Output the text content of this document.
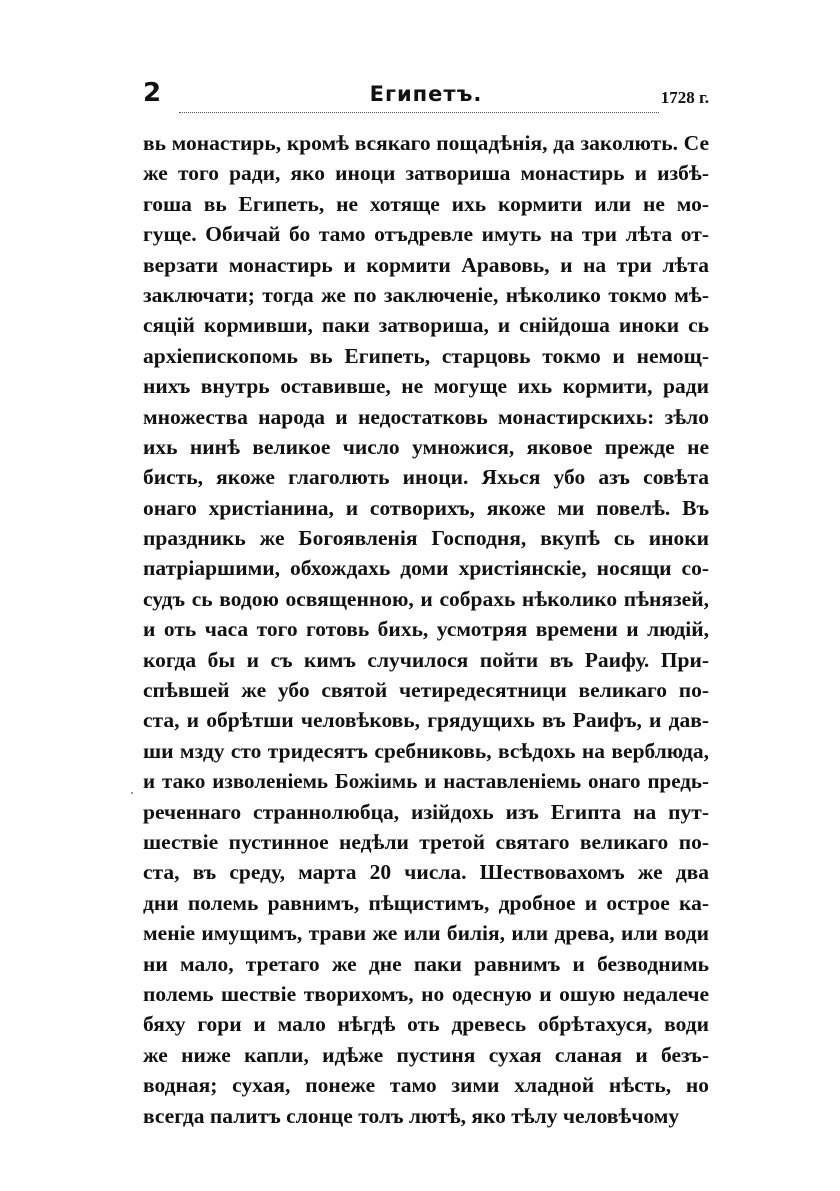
2	Египетъ.	1728 г.
вь монастирь, кромѣ всякаго пощадѣнія, да заколють. Се
же того ради, яко иноци затвориша монастирь и избѣ-
гоша вь Египеть, не хотяще ихь кормити или не мо-
гуще. Обичай бо тамо отъдревле имуть на три лѣта от-
верзати монастирь и кормити Аравовь, и на три лѣта
заключати; тогда же по заключеніе, нѣколико токмо мѣ-
сяцій кормивши, паки затвориша, и снійдоша иноки сь
архіепископомь вь Египеть, старцовь токмо и немощ-
нихъ внутрь оставивше, не могуще ихь кормити, ради
множества народа и недостатковь монастирскихь: зѣло
ихь нинѣ великое число умножися, яковое прежде не
бисть, якоже глаголють иноци. Яхься убо азъ совѣта
онаго христіанина, и сотворихъ, якоже ми повелѣ. Въ
праздникь же Богоявленія Господня, вкупѣ сь иноки
патріаршими, обхождахь доми христіянскіе, носящи со-
судъ сь водою освященною, и собрахь нѣколико пѣнязей,
и оть часа того готовь бихь, усмотряя времени и людій,
когда бы и съ кимъ случилося пойти въ Раифу. При-
спѣвшей же убо святой четиредесятници великаго по-
ста, и обрѣтши человѣковь, грядущихь въ Раифъ, и дав-
ши мзду сто тридесятъ сребниковь, всѣдохь на верблюда,
и тако изволеніемь Божіимь и наставленіемь онаго предь-
реченнаго страннолюбца, изійдохь изъ Египта на пут-
шествіе пустинное недѣли третой святаго великаго по-
ста, въ среду, марта 20 числа. Шествовахомъ же два
дни полемь равнимъ, пѣщистимъ, дробное и острое ка-
меніе имущимъ, трави же или билія, или древа, или води
ни мало, третаго же дне паки равнимъ и безводнимь
полемь шествіе творихомъ, но одесную и ошую недалече
бяху гори и мало нѣгдѣ оть древесь обрѣтахуся, води
же ниже капли, идѣже пустиня сухая сланая и безъ-
водная; сухая, понеже тамо зими хладной нѣсть, но
всегда палитъ слонце толъ лютѣ, яко тѣлу человѣчому
